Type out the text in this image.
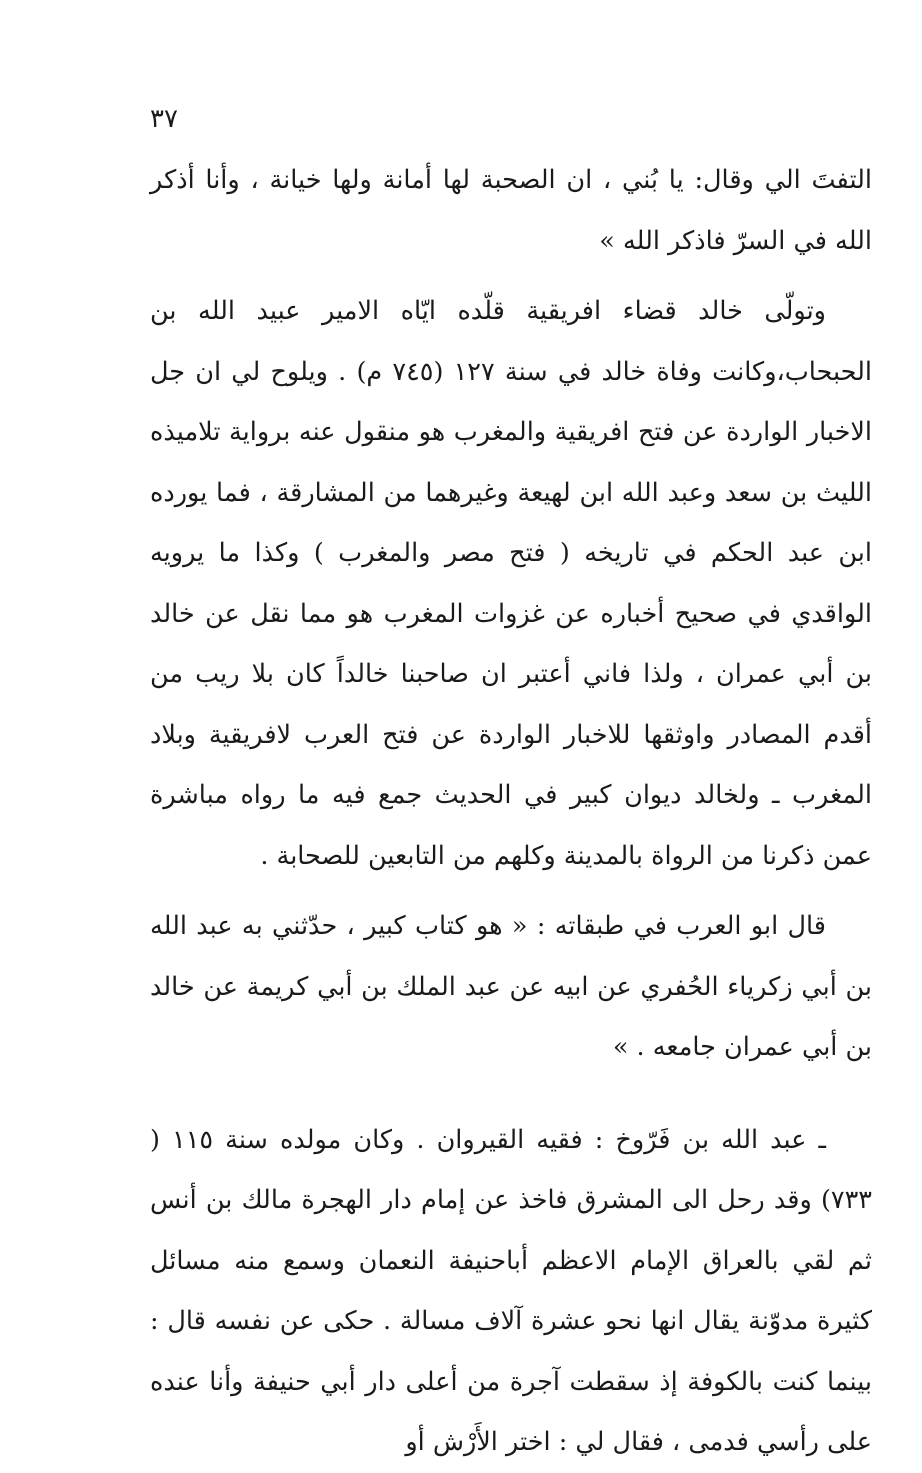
٣٧

التفتَ الي وقال: يا بُني ، ان الصحبة لها أمانة ولها خيانة ، وأنا أذكر الله في السرّ فاذكر الله »

وتولّى خالد قضاء افريقية قلّده ايّاه الامير عبيد الله بن الحبحاب،وكانت وفاة خالد في سنة ١٢٧ (٧٤٥ م) . ويلوح لي ان جل الاخبار الواردة عن فتح افريقية والمغرب هو منقول عنه برواية تلاميذه الليث بن سعد وعبد الله ابن لهيعة وغيرهما من المشارقة ، فما يورده ابن عبد الحكم في تاريخه ( فتح مصر والمغرب ) وكذا ما يرويه الواقدي في صحيح أخباره عن غزوات المغرب هو مما نقل عن خالد بن أبي عمران ، ولذا فاني أعتبر ان صاحبنا خالداً كان بلا ريب من أقدم المصادر واوثقها للاخبار الواردة عن فتح العرب لافريقية وبلاد المغرب ـ ولخالد ديوان كبير في الحديث جمع فيه ما رواه مباشرة عمن ذكرنا من الرواة بالمدينة وكلهم من التابعين للصحابة .

قال ابو العرب في طبقاته : « هو كتاب كبير ، حدّثني به عبد الله بن أبي زكرياء الحُفري عن ابيه عن عبد الملك بن أبي كريمة عن خالد بن أبي عمران جامعه . »

ـ عبد الله بن فَرّوخ : فقيه القيروان . وكان مولده سنة ١١٥ ( ٧٣٣) وقد رحل الى المشرق فاخذ عن إمام دار الهجرة مالك بن أنس ثم لقي بالعراق الإمام الاعظم أباحنيفة النعمان وسمع منه مسائل كثيرة مدوّنة يقال انها نحو عشرة آلاف مسالة . حكى عن نفسه قال : بينما كنت بالكوفة إذ سقطت آجرة من أعلى دار أبي حنيفة وأنا عنده على رأسي فدمى ، فقال لي : اختر الأَرْش أو
